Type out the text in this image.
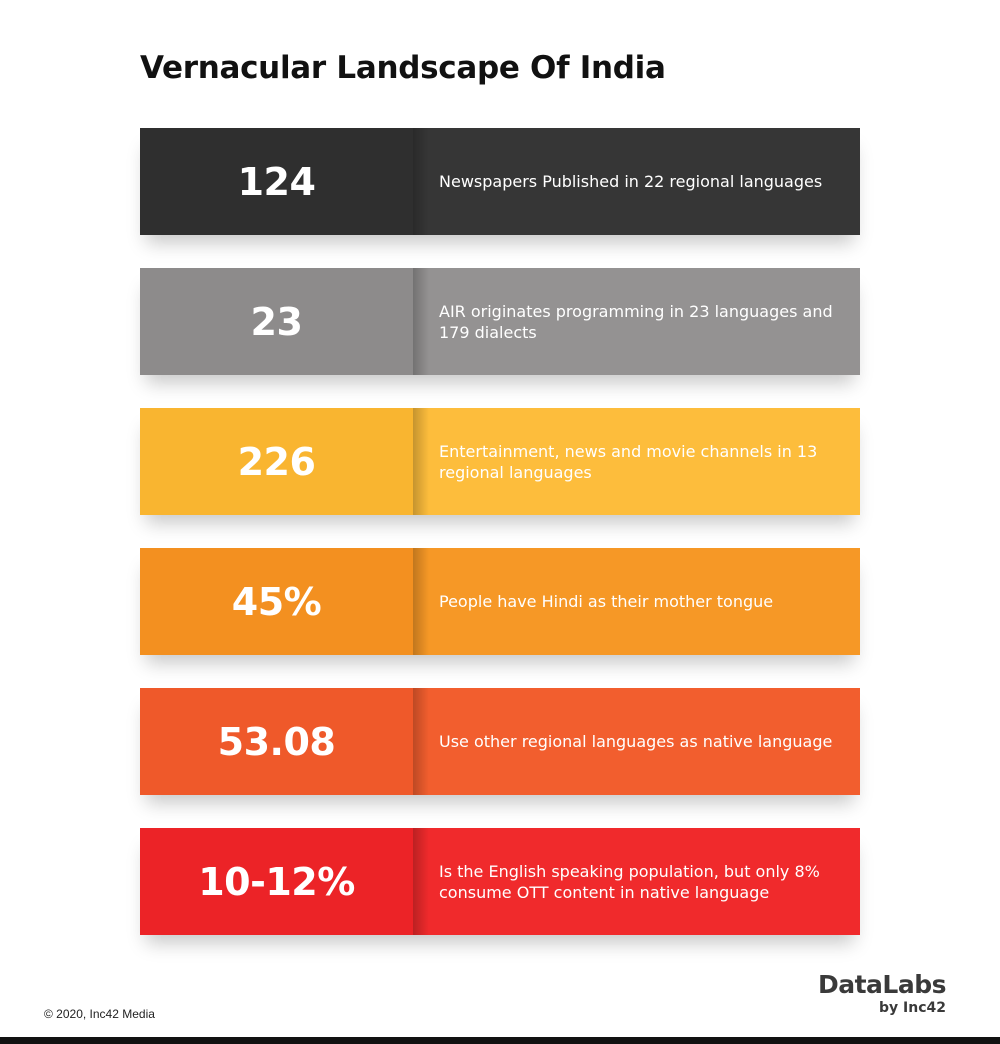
Vernacular Landscape Of India
124	Newspapers Published in 22 regional languages
23	AIR originates programming in 23 languages and 179 dialects
226	Entertainment, news and movie channels in 13 regional languages
45%	People have Hindi as their mother tongue
53.08	Use other regional languages as native language
10-12%	Is the English speaking population, but only 8% consume OTT content in native language
DataLabs
by Inc42
© 2020, Inc42 Media
